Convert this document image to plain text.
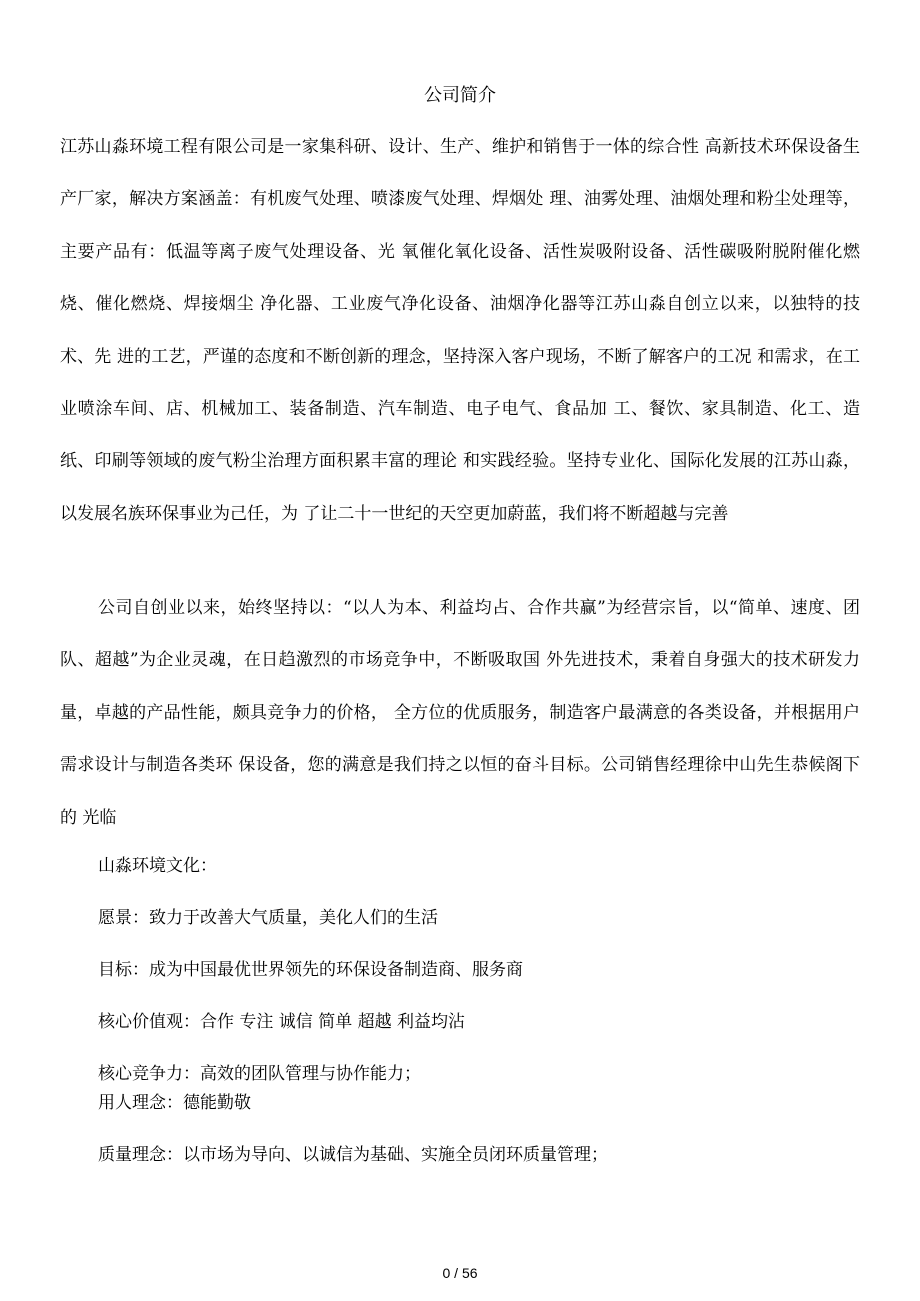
公司简介

江苏山淼环境工程有限公司是一家集科研、设计、生产、维护和销售于一体的综合性 高新技术环保设备生产厂家，解决方案涵盖：有机废气处理、喷漆废气处理、焊烟处 理、油雾处理、油烟处理和粉尘处理等，主要产品有：低温等离子废气处理设备、光 氧催化氧化设备、活性炭吸附设备、活性碳吸附脱附催化燃烧、催化燃烧、焊接烟尘 净化器、工业废气净化设备、油烟净化器等江苏山淼自创立以来，以独特的技术、先 进的工艺，严谨的态度和不断创新的理念，坚持深入客户现场，不断了解客户的工况 和需求，在工业喷涂车间、店、机械加工、装备制造、汽车制造、电子电气、食品加 工、餐饮、家具制造、化工、造纸、印刷等领域的废气粉尘治理方面积累丰富的理论 和实践经验。坚持专业化、国际化发展的江苏山淼，以发展名族环保事业为己任，为 了让二十一世纪的天空更加蔚蓝，我们将不断超越与完善

公司自创业以来，始终坚持以：“以人为本、利益均占、合作共赢”为经营宗旨，以“简单、速度、团队、超越”为企业灵魂，在日趋激烈的市场竞争中，不断吸取国 外先进技术，秉着自身强大的技术研发力量，卓越的产品性能，颇具竞争力的价格， 全方位的优质服务，制造客户最满意的各类设备，并根据用户需求设计与制造各类环 保设备，您的满意是我们持之以恒的奋斗目标。公司销售经理徐中山先生恭候阁下的 光临

山淼环境文化：
愿景：致力于改善大气质量，美化人们的生活
目标：成为中国最优世界领先的环保设备制造商、服务商
核心价值观：合作 专注 诚信 简单 超越 利益均沾
核心竞争力：高效的团队管理与协作能力；
用人理念：德能勤敬
质量理念：以市场为导向、以诚信为基础、实施全员闭环质量管理；
0 / 56
